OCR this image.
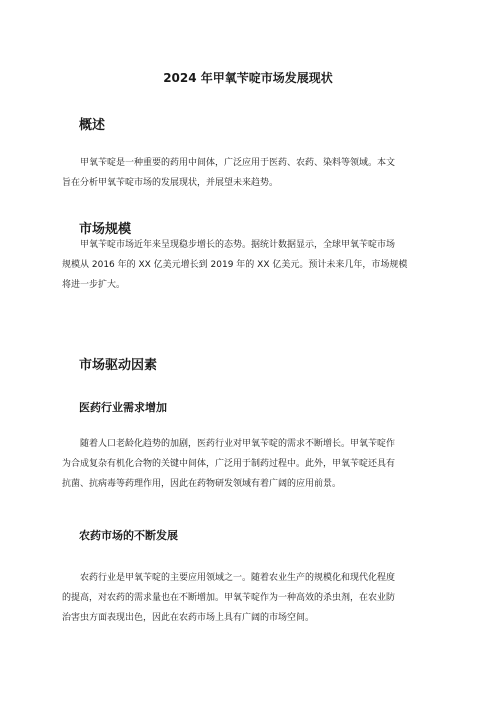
2024 年甲氧苄啶市场发展现状
概述

甲氧苄啶是一种重要的药用中间体，广泛应用于医药、农药、染料等领域。本文
旨在分析甲氧苄啶市场的发展现状，并展望未来趋势。

市场规模

甲氧苄啶市场近年来呈现稳步增长的态势。据统计数据显示，全球甲氧苄啶市场
规模从 2016 年的 XX 亿美元增长到 2019 年的 XX 亿美元。预计未来几年，市场规模
将进一步扩大。

市场驱动因素
医药行业需求增加

随着人口老龄化趋势的加剧，医药行业对甲氧苄啶的需求不断增长。甲氧苄啶作
为合成复杂有机化合物的关键中间体，广泛用于制药过程中。此外，甲氧苄啶还具有
抗菌、抗病毒等药理作用，因此在药物研发领域有着广阔的应用前景。

农药市场的不断发展

农药行业是甲氧苄啶的主要应用领域之一。随着农业生产的规模化和现代化程度
的提高，对农药的需求量也在不断增加。甲氧苄啶作为一种高效的杀虫剂，在农业防
治害虫方面表现出色，因此在农药市场上具有广阔的市场空间。
